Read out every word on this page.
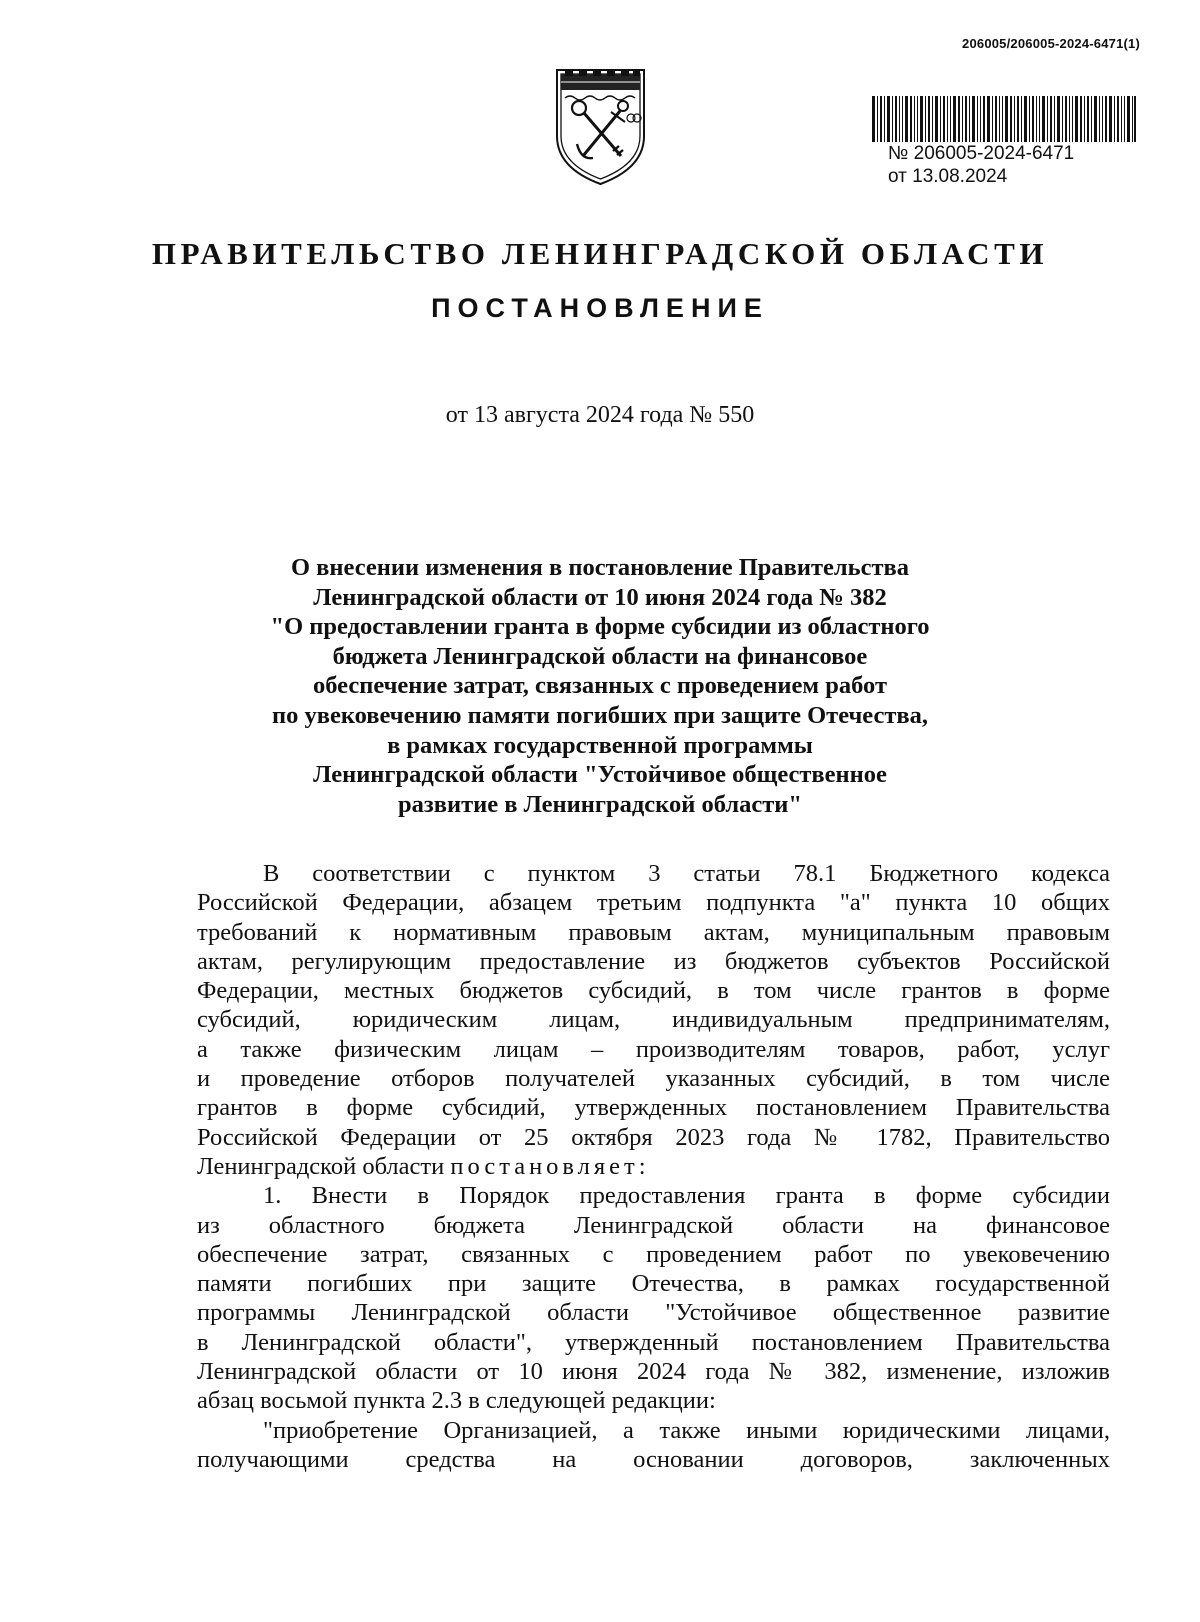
206005/206005-2024-6471(1)
№ 206005-2024-6471
от 13.08.2024
ПРАВИТЕЛЬСТВО ЛЕНИНГРАДСКОЙ ОБЛАСТИ
ПОСТАНОВЛЕНИЕ
от 13 августа 2024 года № 550
О внесении изменения в постановление Правительства
Ленинградской области от 10 июня 2024 года № 382
"О предоставлении гранта в форме субсидии из областного
бюджета Ленинградской области на финансовое
обеспечение затрат, связанных с проведением работ
по увековечению памяти погибших при защите Отечества,
в рамках государственной программы
Ленинградской области "Устойчивое общественное
развитие в Ленинградской области"
В соответствии с пунктом 3 статьи 78.1 Бюджетного кодекса
Российской Федерации, абзацем третьим подпункта "а" пункта 10 общих
требований к нормативным правовым актам, муниципальным правовым
актам, регулирующим предоставление из бюджетов субъектов Российской
Федерации, местных бюджетов субсидий, в том числе грантов в форме
субсидий, юридическим лицам, индивидуальным предпринимателям,
а также физическим лицам – производителям товаров, работ, услуг
и проведение отборов получателей указанных субсидий, в том числе
грантов в форме субсидий, утвержденных постановлением Правительства
Российской Федерации от 25 октября 2023 года № 1782, Правительство
Ленинградской области постановляет:
1. Внести в Порядок предоставления гранта в форме субсидии
из областного бюджета Ленинградской области на финансовое
обеспечение затрат, связанных с проведением работ по увековечению
памяти погибших при защите Отечества, в рамках государственной
программы Ленинградской области "Устойчивое общественное развитие
в Ленинградской области", утвержденный постановлением Правительства
Ленинградской области от 10 июня 2024 года № 382, изменение, изложив
абзац восьмой пункта 2.3 в следующей редакции:
"приобретение Организацией, а также иными юридическими лицами,
получающими средства на основании договоров, заключенных
